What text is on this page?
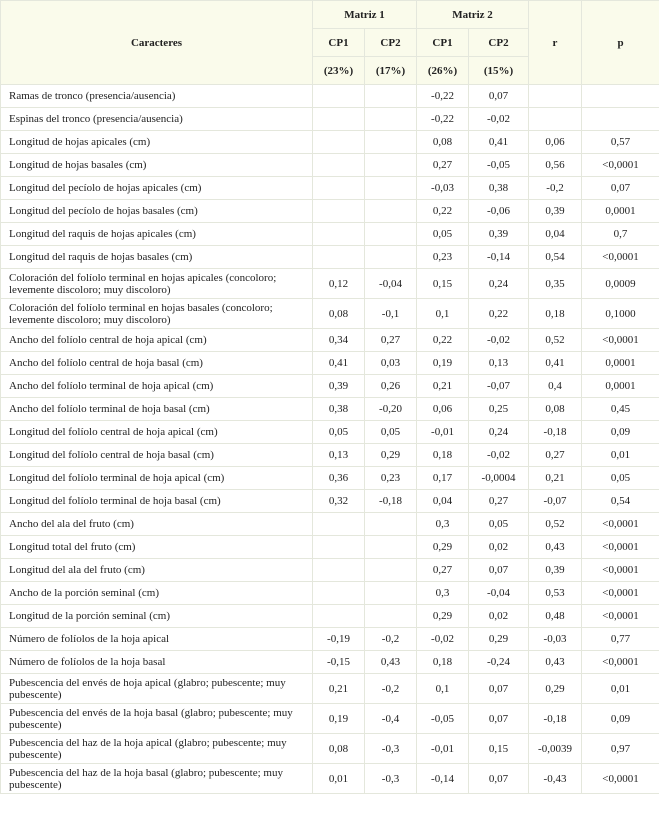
Caracteres	Matriz 1		Matriz 2		r	p
	CP1	CP2	CP1	CP2		
	(23%)	(17%)	(26%)	(15%)		
Ramas de tronco (presencia/ausencia)			-0,22	0,07		
Espinas del tronco (presencia/ausencia)			-0,22	-0,02		
Longitud de hojas apicales (cm)			0,08	0,41	0,06	0,57
Longitud de hojas basales (cm)			0,27	-0,05	0,56	<0,0001
Longitud del pecíolo de hojas apicales (cm)			-0,03	0,38	-0,2	0,07
Longitud del pecíolo de hojas basales (cm)			0,22	-0,06	0,39	0,0001
Longitud del raquis de hojas apicales (cm)			0,05	0,39	0,04	0,7
Longitud del raquis de hojas basales (cm)			0,23	-0,14	0,54	<0,0001
Coloración del folíolo terminal en hojas apicales (concoloro; levemente discoloro; muy discoloro)	0,12	-0,04	0,15	0,24	0,35	0,0009
Coloración del folíolo terminal en hojas basales (concoloro; levemente discoloro; muy discoloro)	0,08	-0,1	0,1	0,22	0,18	0,1000
Ancho del folíolo central de hoja apical (cm)	0,34	0,27	0,22	-0,02	0,52	<0,0001
Ancho del folíolo central de hoja basal (cm)	0,41	0,03	0,19	0,13	0,41	0,0001
Ancho del folíolo terminal de hoja apical (cm)	0,39	0,26	0,21	-0,07	0,4	0,0001
Ancho del folíolo terminal de hoja basal (cm)	0,38	-0,20	0,06	0,25	0,08	0,45
Longitud del folíolo central de hoja apical (cm)	0,05	0,05	-0,01	0,24	-0,18	0,09
Longitud del folíolo central de hoja basal (cm)	0,13	0,29	0,18	-0,02	0,27	0,01
Longitud del folíolo terminal de hoja apical (cm)	0,36	0,23	0,17	-0,0004	0,21	0,05
Longitud del folíolo terminal de hoja basal (cm)	0,32	-0,18	0,04	0,27	-0,07	0,54
Ancho del ala del fruto (cm)			0,3	0,05	0,52	<0,0001
Longitud total del fruto (cm)			0,29	0,02	0,43	<0,0001
Longitud del ala del fruto (cm)			0,27	0,07	0,39	<0,0001
Ancho de la porción seminal (cm)			0,3	-0,04	0,53	<0,0001
Longitud de la porción seminal (cm)			0,29	0,02	0,48	<0,0001
Número de folíolos de la hoja apical	-0,19	-0,2	-0,02	0,29	-0,03	0,77
Número de folíolos de la hoja basal	-0,15	0,43	0,18	-0,24	0,43	<0,0001
Pubescencia del envés de hoja apical (glabro; pubescente; muy pubescente)	0,21	-0,2	0,1	0,07	0,29	0,01
Pubescencia del envés de la hoja basal (glabro; pubescente; muy pubescente)	0,19	-0,4	-0,05	0,07	-0,18	0,09
Pubescencia del haz de la hoja apical (glabro; pubescente; muy pubescente)	0,08	-0,3	-0,01	0,15	-0,0039	0,97
Pubescencia del haz de la hoja basal (glabro; pubescente; muy pubescente)	0,01	-0,3	-0,14	0,07	-0,43	<0,0001
